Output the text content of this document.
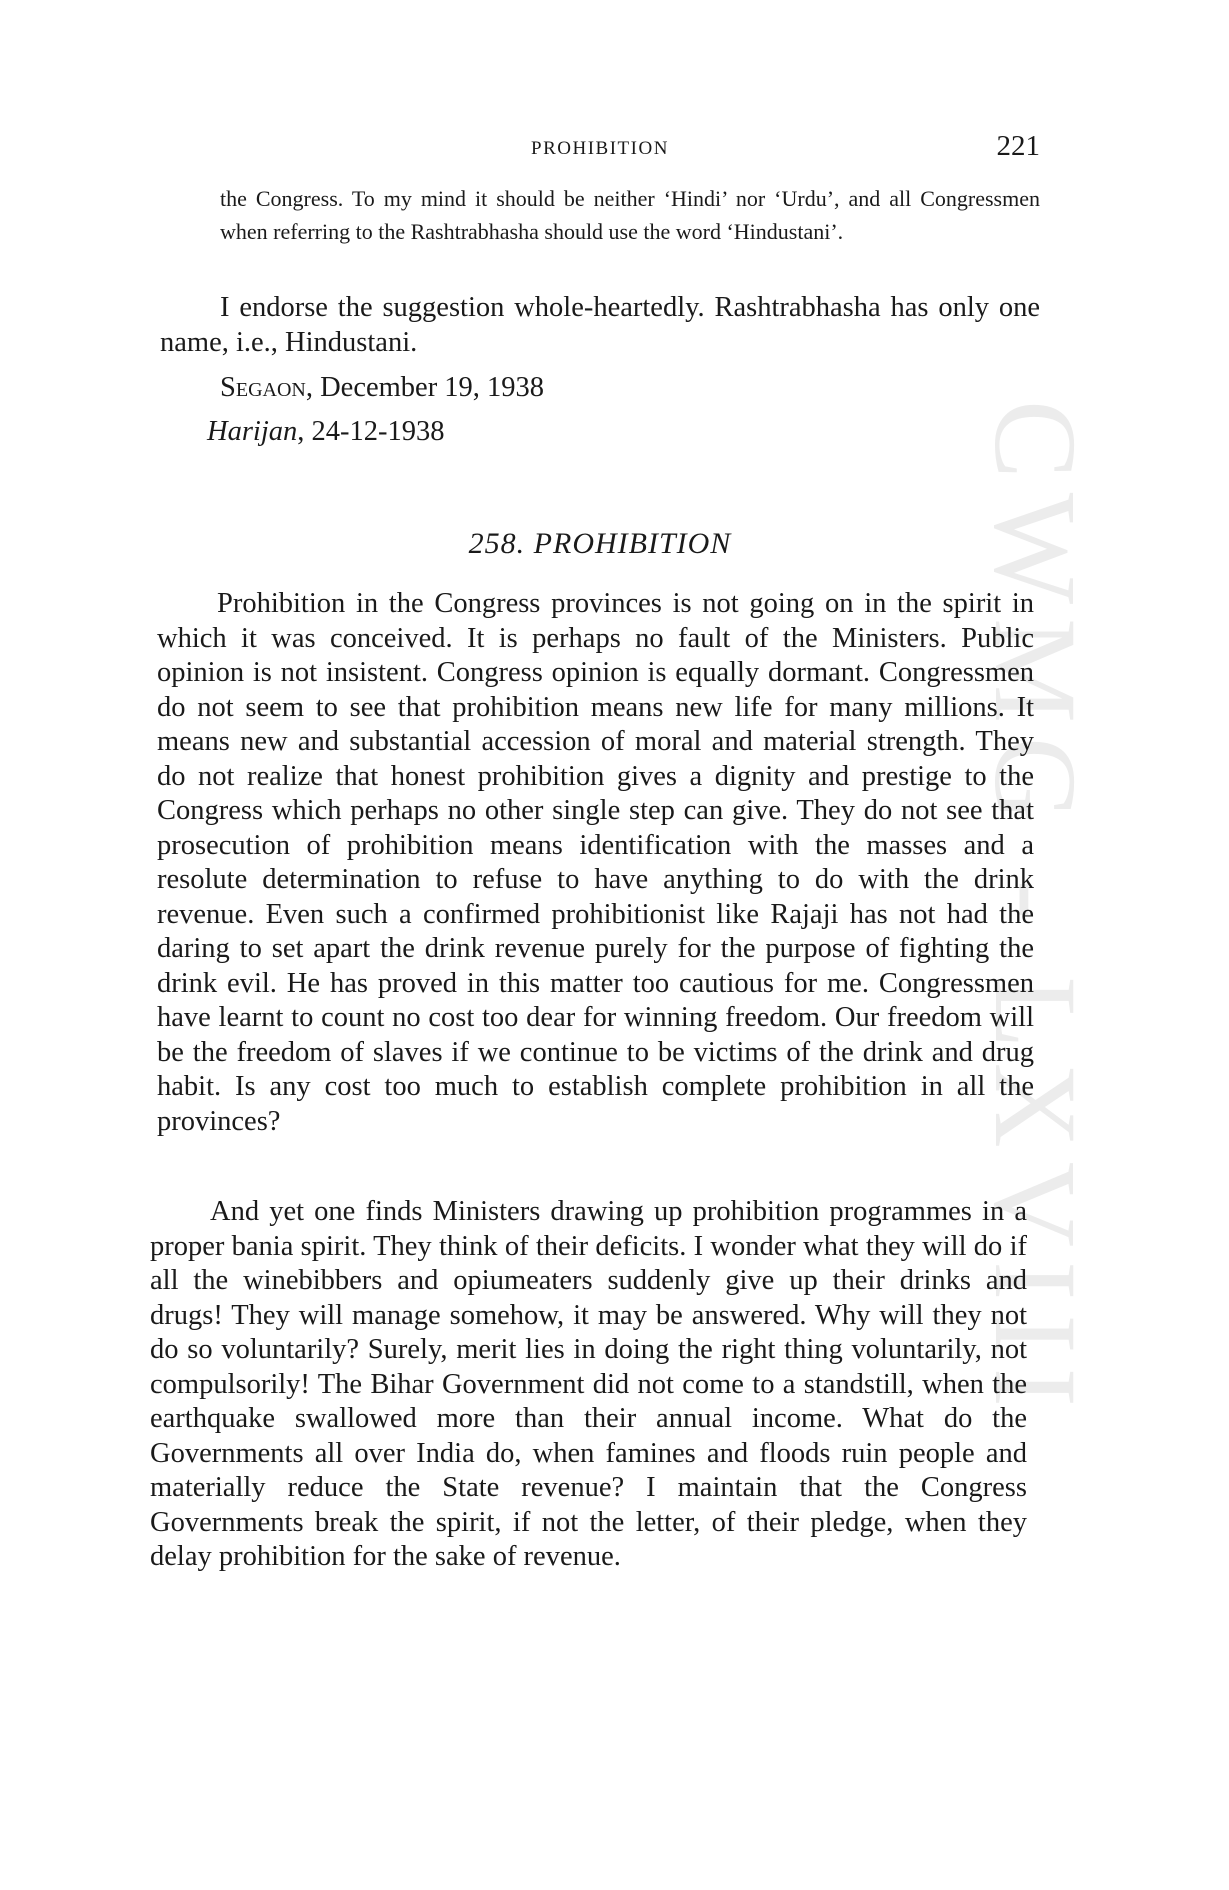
CWMG - LXVIII
PROHIBITION	221
the Congress. To my mind it should be neither ‘Hindi’ nor ‘Urdu’, and all Congressmen when referring to the Rashtrabhasha should use the word ‘Hindustani’.
I endorse the suggestion whole-heartedly. Rashtrabhasha has only one name, i.e., Hindustani.
Segaon, December 19, 1938
Harijan, 24-12-1938
258. PROHIBITION
Prohibition in the Congress provinces is not going on in the spirit in which it was conceived. It is perhaps no fault of the Ministers. Public opinion is not insistent. Congress opinion is equally dormant. Congressmen do not seem to see that prohibition means new life for many millions. It means new and substantial accession of moral and material strength. They do not realize that honest prohibition gives a dignity and prestige to the Congress which perhaps no other single step can give. They do not see that prosecution of prohibition means identification with the masses and a resolute determination to refuse to have anything to do with the drink revenue. Even such a confirmed prohibitionist like Rajaji has not had the daring to set apart the drink revenue purely for the purpose of fighting the drink evil. He has proved in this matter too cautious for me. Congressmen have learnt to count no cost too dear for winning freedom. Our freedom will be the freedom of slaves if we continue to be victims of the drink and drug habit. Is any cost too much to establish complete prohibition in all the provinces?
And yet one finds Ministers drawing up prohibition programmes in a proper bania spirit. They think of their deficits. I wonder what they will do if all the winebibbers and opiumeaters suddenly give up their drinks and drugs! They will manage somehow, it may be answered. Why will they not do so voluntarily? Surely, merit lies in doing the right thing voluntarily, not compulsorily! The Bihar Government did not come to a standstill, when the earthquake swallowed more than their annual income. What do the Governments all over India do, when famines and floods ruin people and materially reduce the State revenue? I maintain that the Congress Governments break the spirit, if not the letter, of their pledge, when they delay prohibition for the sake of revenue.
